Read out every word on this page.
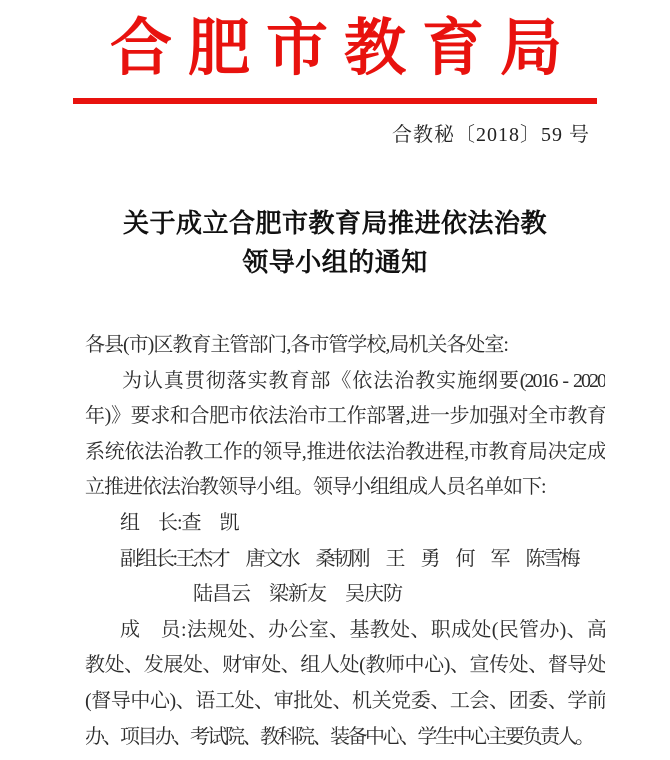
合肥市教育局
合教秘〔2018〕59 号
关于成立合肥市教育局推进依法治教
领导小组的通知
各县(市)区教育主管部门,各市管学校,局机关各处室:
为认真贯彻落实教育部《依法治教实施纲要(2016 - 2020
年)》要求和合肥市依法治市工作部署,进一步加强对全市教育
系统依法治教工作的领导,推进依法治教进程,市教育局决定成
立推进依法治教领导小组。领导小组组成人员名单如下:
组　长:查　凯
副组长:王杰才　唐文水　桑韧刚　王　勇　何　军　陈雪梅
陆昌云　梁新友　吴庆防
成　员:法规处、办公室、基教处、职成处(民管办)、高
教处、发展处、财审处、组人处(教师中心)、宣传处、督导处
(督导中心)、语工处、审批处、机关党委、工会、团委、学前
办、项目办、考试院、教科院、装备中心、学生中心主要负责人。
